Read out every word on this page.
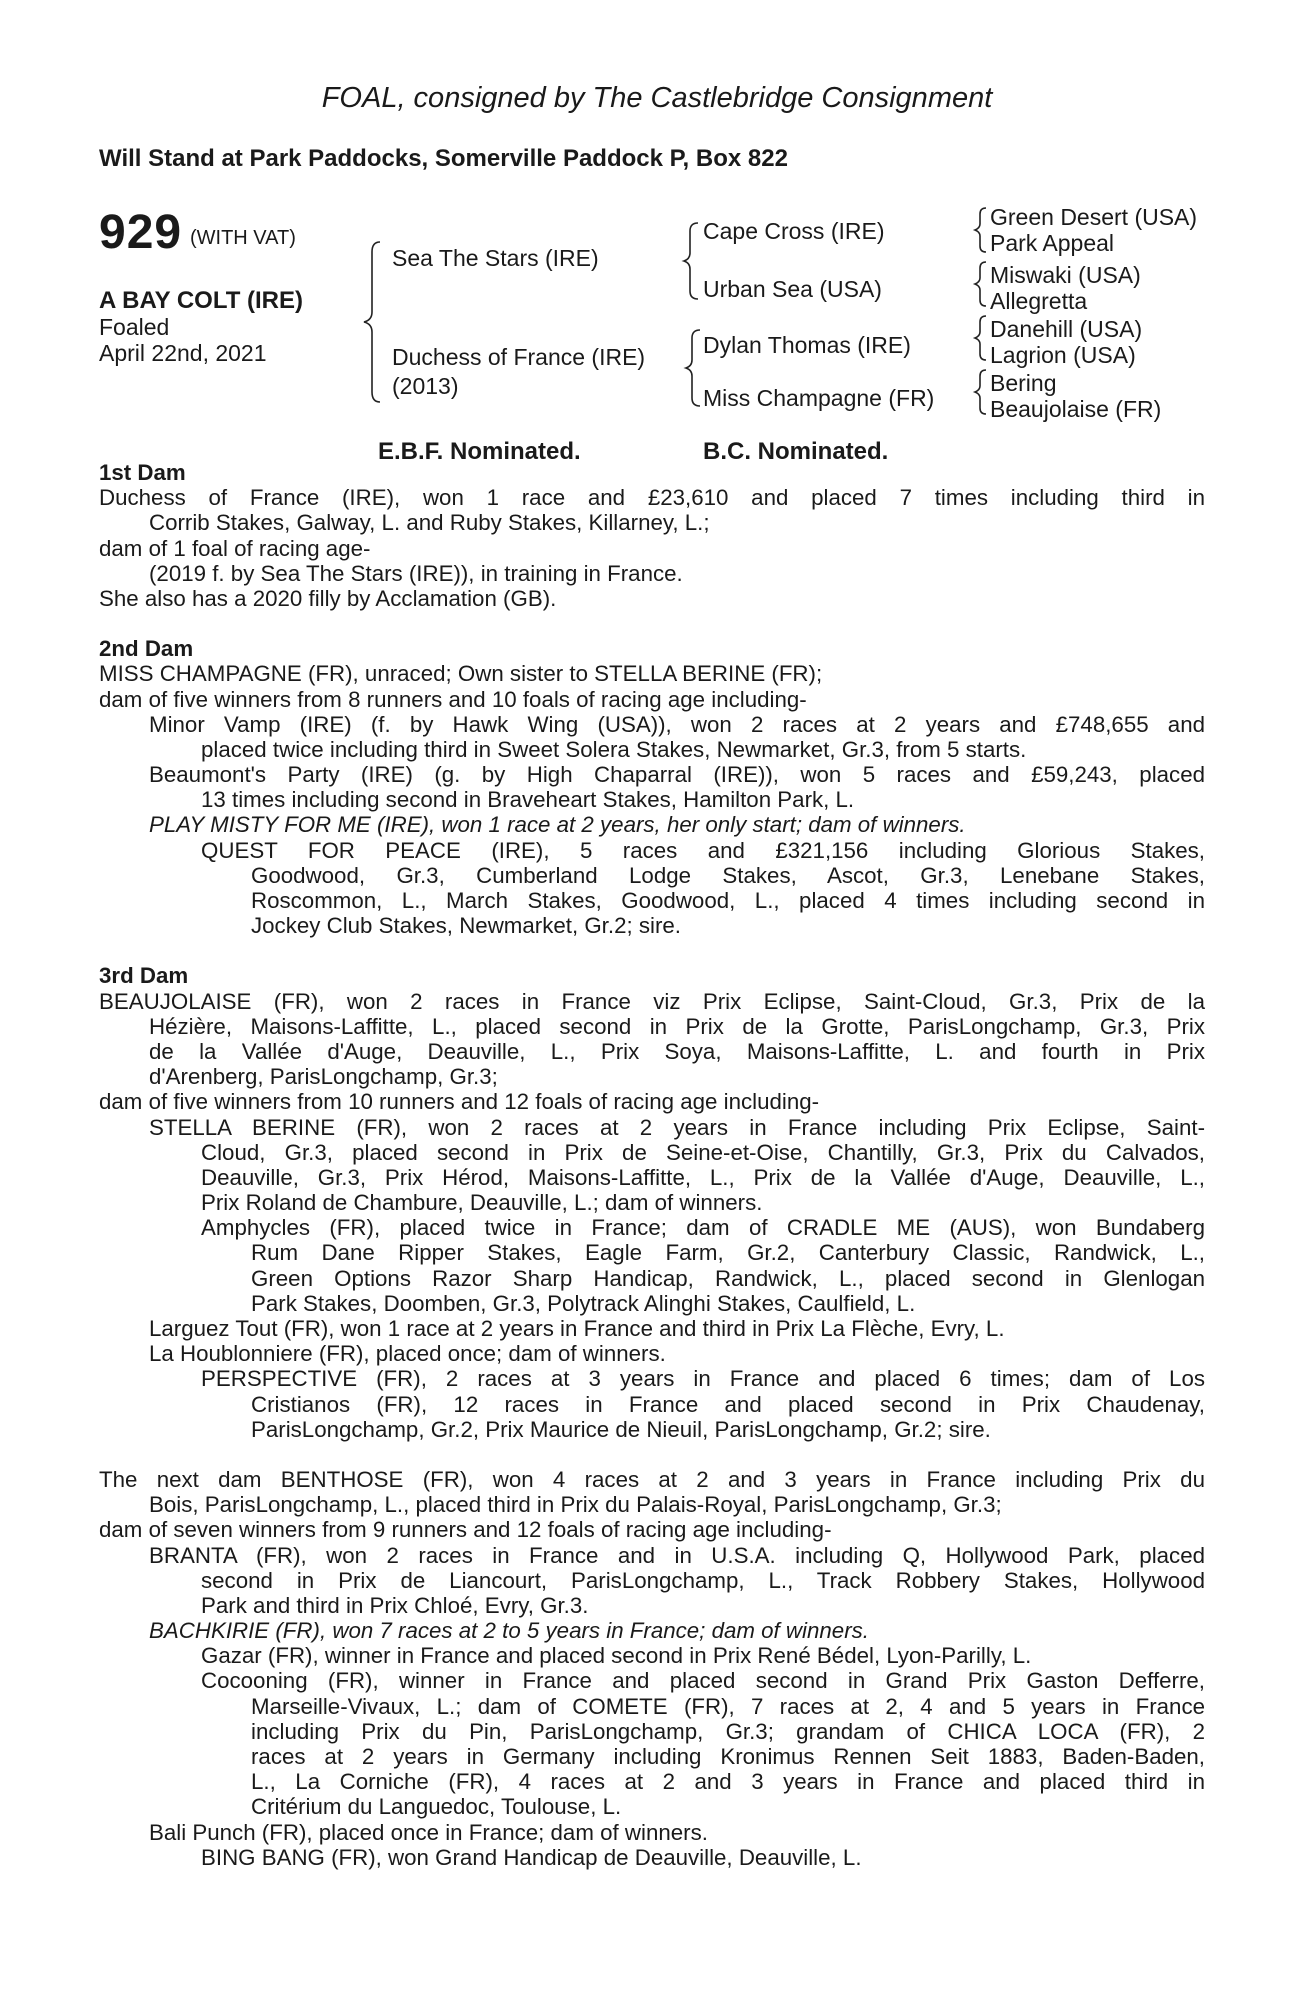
FOAL, consigned by The Castlebridge Consignment
Will Stand at Park Paddocks, Somerville Paddock P, Box 822
929 (WITH VAT)
A BAY COLT (IRE)
Foaled
April 22nd, 2021
Sea The Stars (IRE)
Duchess of France (IRE)
(2013)
Cape Cross (IRE)
Urban Sea (USA)
Dylan Thomas (IRE)
Miss Champagne (FR)
Green Desert (USA)
Park Appeal
Miswaki (USA)
Allegretta
Danehill (USA)
Lagrion (USA)
Bering
Beaujolaise (FR)
E.B.F. Nominated.	B.C. Nominated.
1st Dam
Duchess of France (IRE), won 1 race and £23,610 and placed 7 times including third in
Corrib Stakes, Galway, L. and Ruby Stakes, Killarney, L.;
dam of 1 foal of racing age-
(2019 f. by Sea The Stars (IRE)), in training in France.
She also has a 2020 filly by Acclamation (GB).
2nd Dam
MISS CHAMPAGNE (FR), unraced; Own sister to STELLA BERINE (FR);
dam of five winners from 8 runners and 10 foals of racing age including-
Minor Vamp (IRE) (f. by Hawk Wing (USA)), won 2 races at 2 years and £748,655 and
placed twice including third in Sweet Solera Stakes, Newmarket, Gr.3, from 5 starts.
Beaumont's Party (IRE) (g. by High Chaparral (IRE)), won 5 races and £59,243, placed
13 times including second in Braveheart Stakes, Hamilton Park, L.
PLAY MISTY FOR ME (IRE), won 1 race at 2 years, her only start; dam of winners.
QUEST FOR PEACE (IRE), 5 races and £321,156 including Glorious Stakes,
Goodwood, Gr.3, Cumberland Lodge Stakes, Ascot, Gr.3, Lenebane Stakes,
Roscommon, L., March Stakes, Goodwood, L., placed 4 times including second in
Jockey Club Stakes, Newmarket, Gr.2; sire.
3rd Dam
BEAUJOLAISE (FR), won 2 races in France viz Prix Eclipse, Saint-Cloud, Gr.3, Prix de la
Hézière, Maisons-Laffitte, L., placed second in Prix de la Grotte, ParisLongchamp, Gr.3, Prix
de la Vallée d'Auge, Deauville, L., Prix Soya, Maisons-Laffitte, L. and fourth in Prix
d'Arenberg, ParisLongchamp, Gr.3;
dam of five winners from 10 runners and 12 foals of racing age including-
STELLA BERINE (FR), won 2 races at 2 years in France including Prix Eclipse, Saint-
Cloud, Gr.3, placed second in Prix de Seine-et-Oise, Chantilly, Gr.3, Prix du Calvados,
Deauville, Gr.3, Prix Hérod, Maisons-Laffitte, L., Prix de la Vallée d'Auge, Deauville, L.,
Prix Roland de Chambure, Deauville, L.; dam of winners.
Amphycles (FR), placed twice in France; dam of CRADLE ME (AUS), won Bundaberg
Rum Dane Ripper Stakes, Eagle Farm, Gr.2, Canterbury Classic, Randwick, L.,
Green Options Razor Sharp Handicap, Randwick, L., placed second in Glenlogan
Park Stakes, Doomben, Gr.3, Polytrack Alinghi Stakes, Caulfield, L.
Larguez Tout (FR), won 1 race at 2 years in France and third in Prix La Flèche, Evry, L.
La Houblonniere (FR), placed once; dam of winners.
PERSPECTIVE (FR), 2 races at 3 years in France and placed 6 times; dam of Los
Cristianos (FR), 12 races in France and placed second in Prix Chaudenay,
ParisLongchamp, Gr.2, Prix Maurice de Nieuil, ParisLongchamp, Gr.2; sire.
The next dam BENTHOSE (FR), won 4 races at 2 and 3 years in France including Prix du
Bois, ParisLongchamp, L., placed third in Prix du Palais-Royal, ParisLongchamp, Gr.3;
dam of seven winners from 9 runners and 12 foals of racing age including-
BRANTA (FR), won 2 races in France and in U.S.A. including Q, Hollywood Park, placed
second in Prix de Liancourt, ParisLongchamp, L., Track Robbery Stakes, Hollywood
Park and third in Prix Chloé, Evry, Gr.3.
BACHKIRIE (FR), won 7 races at 2 to 5 years in France; dam of winners.
Gazar (FR), winner in France and placed second in Prix René Bédel, Lyon-Parilly, L.
Cocooning (FR), winner in France and placed second in Grand Prix Gaston Defferre,
Marseille-Vivaux, L.; dam of COMETE (FR), 7 races at 2, 4 and 5 years in France
including Prix du Pin, ParisLongchamp, Gr.3; grandam of CHICA LOCA (FR), 2
races at 2 years in Germany including Kronimus Rennen Seit 1883, Baden-Baden,
L., La Corniche (FR), 4 races at 2 and 3 years in France and placed third in
Critérium du Languedoc, Toulouse, L.
Bali Punch (FR), placed once in France; dam of winners.
BING BANG (FR), won Grand Handicap de Deauville, Deauville, L.
